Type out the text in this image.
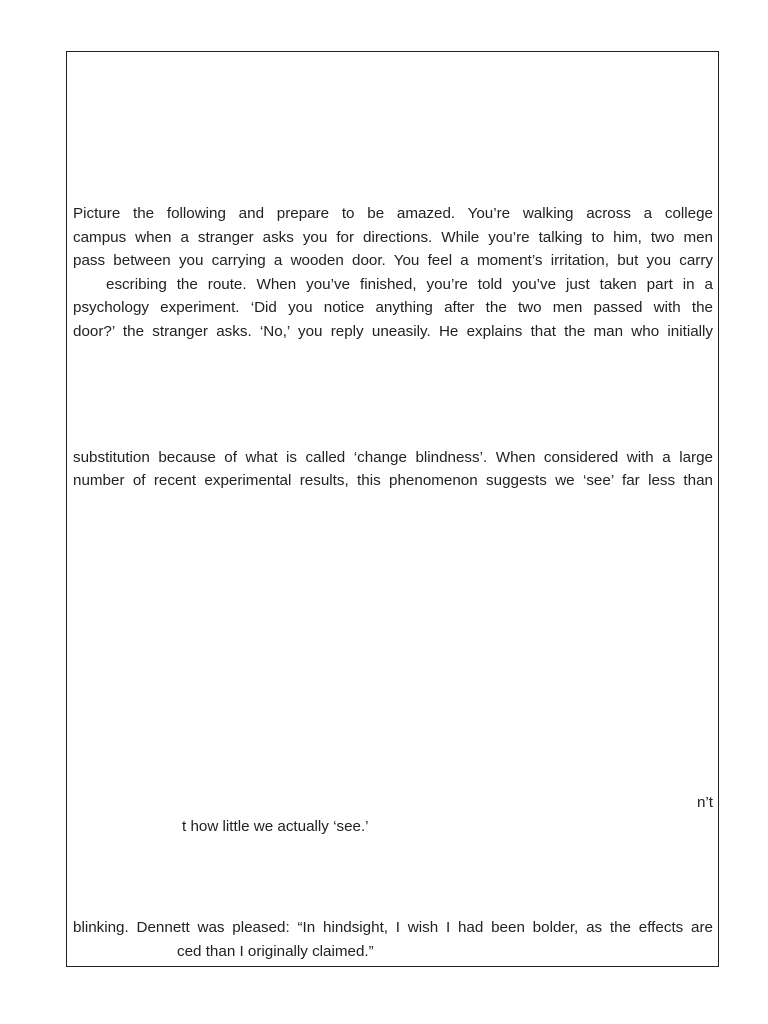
Picture the following and prepare to be amazed. You’re walking across a college
campus when a stranger asks you for directions. While you’re talking to him, two men
pass between you carrying a wooden door. You feel a moment’s irritation, but you carry
escribing the route. When you’ve finished, you’re told you’ve just taken part in a
psychology experiment. ‘Did you notice anything after the two men passed with the
door?’ the stranger asks. ‘No,’ you reply uneasily. He explains that the man who initially
substitution because of what is called ‘change blindness’. When considered with a large
number of recent experimental results, this phenomenon suggests we ‘see’ far less than
n’t
t how little we actually ‘see.’
blinking. Dennett was pleased: “In hindsight, I wish I had been bolder, as the effects are
ced than I originally claimed.”
